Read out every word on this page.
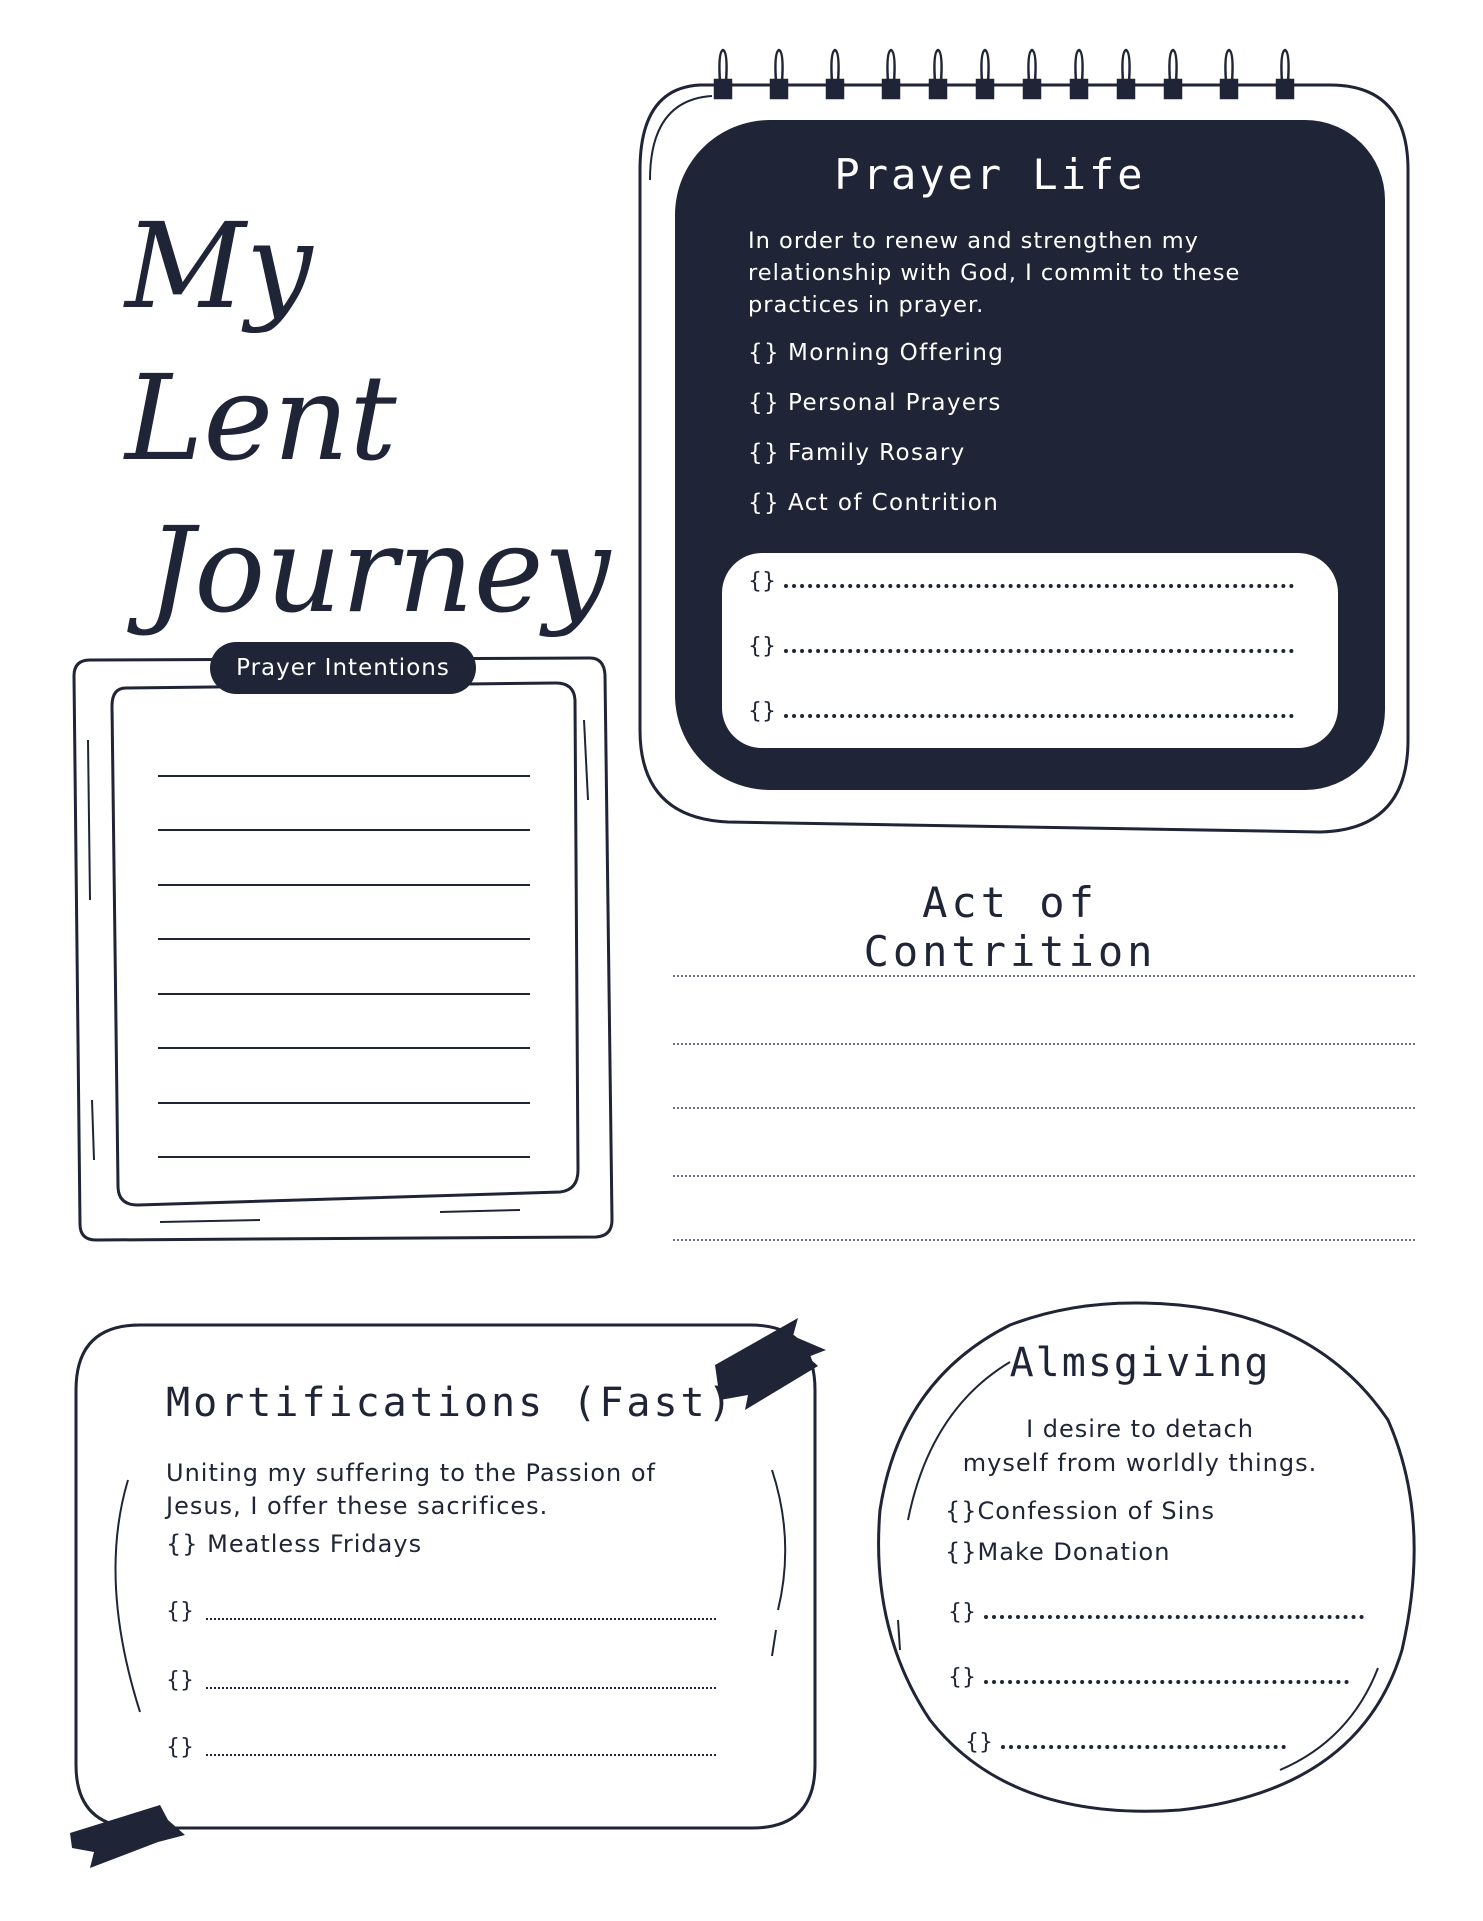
My Lent
Journey
Prayer Life
In order to renew and strengthen my relationship with God, I commit to these practices in prayer.
{} Morning Offering
{} Personal Prayers
{} Family Rosary
{} Act of Contrition
{}
{}
{}
Prayer Intentions
Act of Contrition
Mortifications (Fast)
Uniting my suffering to the Passion of Jesus, I offer these sacrifices.
{} Meatless Fridays
{}
{}
{}
Almsgiving
I desire to detach
myself from worldly things.
{}Confession of Sins
{}Make Donation
{}
{}
{}
